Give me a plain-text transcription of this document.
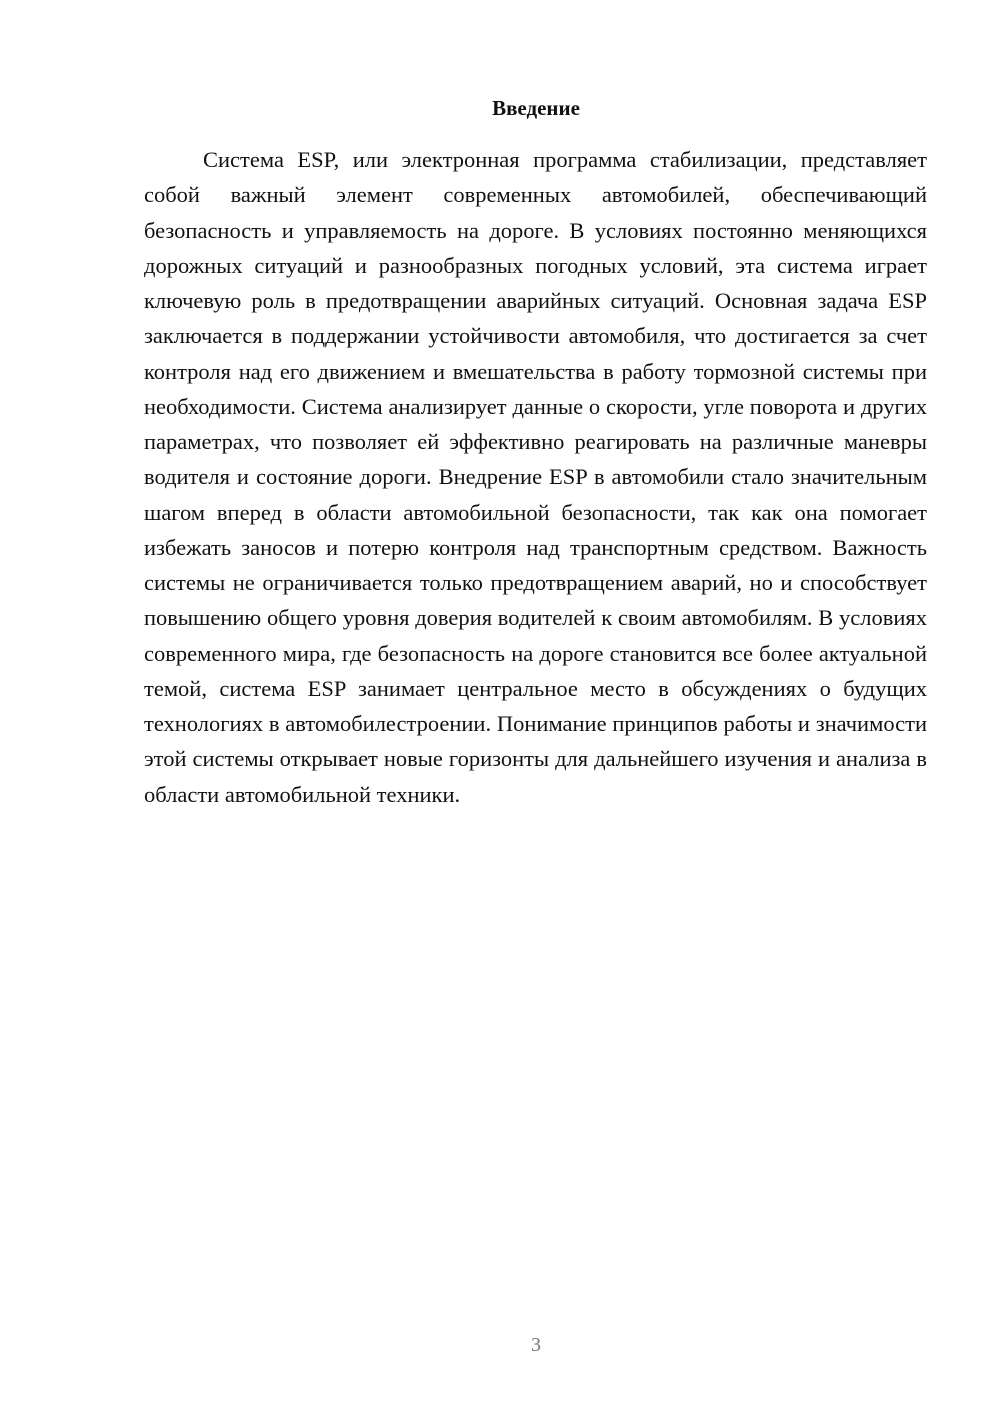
Введение

Система ESP, или электронная программа стабилизации, представляет собой важный элемент современных автомобилей, обеспечивающий безопасность и управляемость на дороге. В условиях постоянно меняющихся дорожных ситуаций и разнообразных погодных условий, эта система играет ключевую роль в предотвращении аварийных ситуаций. Основная задача ESP заключается в поддержании устойчивости автомобиля, что достигается за счет контроля над его движением и вмешательства в работу тормозной системы при необходимости. Система анализирует данные о скорости, угле поворота и других параметрах, что позволяет ей эффективно реагировать на различные маневры водителя и состояние дороги. Внедрение ESP в автомобили стало значительным шагом вперед в области автомобильной безопасности, так как она помогает избежать заносов и потерю контроля над транспортным средством. Важность системы не ограничивается только предотвращением аварий, но и способствует повышению общего уровня доверия водителей к своим автомобилям. В условиях современного мира, где безопасность на дороге становится все более актуальной темой, система ESP занимает центральное место в обсуждениях о будущих технологиях в автомобилестроении. Понимание принципов работы и значимости этой системы открывает новые горизонты для дальнейшего изучения и анализа в области автомобильной техники.

3
